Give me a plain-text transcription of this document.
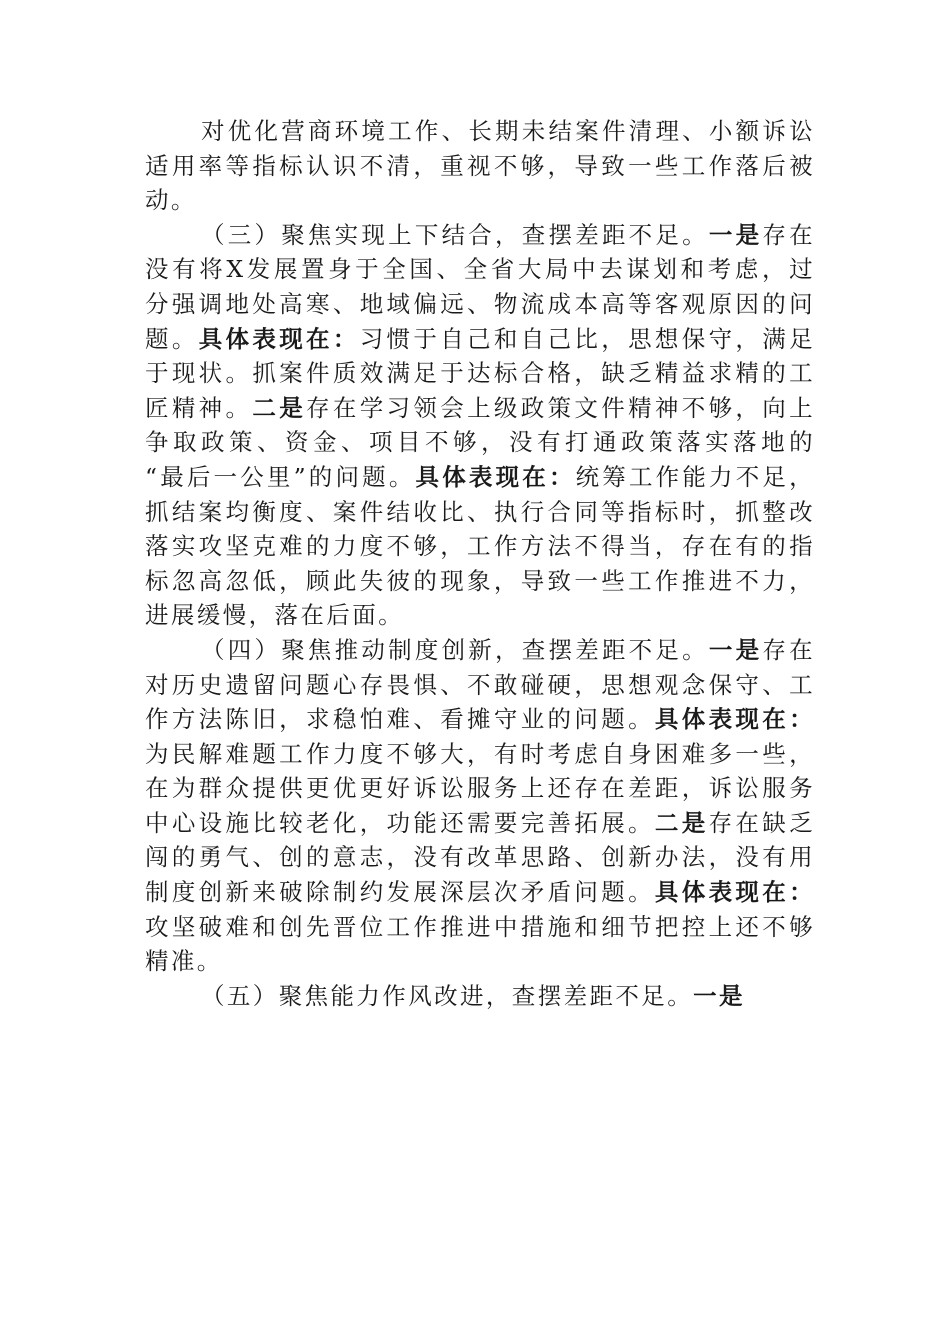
对优化营商环境工作、长期未结案件清理、小额诉讼
适用率等指标认识不清，重视不够，导致一些工作落后被
动。
（三）聚焦实现上下结合，查摆差距不足。一是存在
没有将X发展置身于全国、全省大局中去谋划和考虑，过
分强调地处高寒、地域偏远、物流成本高等客观原因的问
题。具体表现在：习惯于自己和自己比，思想保守，满足
于现状。抓案件质效满足于达标合格，缺乏精益求精的工
匠精神。二是存在学习领会上级政策文件精神不够，向上
争取政策、资金、项目不够，没有打通政策落实落地的
“最后一公里”的问题。具体表现在：统筹工作能力不足，
抓结案均衡度、案件结收比、执行合同等指标时，抓整改
落实攻坚克难的力度不够，工作方法不得当，存在有的指
标忽高忽低，顾此失彼的现象，导致一些工作推进不力，
进展缓慢，落在后面。
（四）聚焦推动制度创新，查摆差距不足。一是存在
对历史遗留问题心存畏惧、不敢碰硬，思想观念保守、工
作方法陈旧，求稳怕难、看摊守业的问题。具体表现在：
为民解难题工作力度不够大，有时考虑自身困难多一些，
在为群众提供更优更好诉讼服务上还存在差距，诉讼服务
中心设施比较老化，功能还需要完善拓展。二是存在缺乏
闯的勇气、创的意志，没有改革思路、创新办法，没有用
制度创新来破除制约发展深层次矛盾问题。具体表现在：
攻坚破难和创先晋位工作推进中措施和细节把控上还不够
精准。
（五）聚焦能力作风改进，查摆差距不足。一是
